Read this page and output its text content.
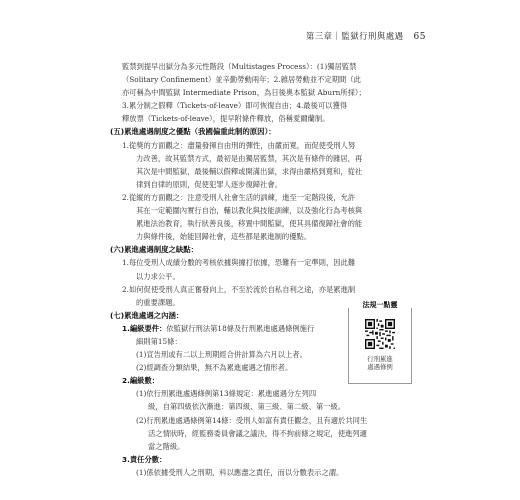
第三章｜監獄行刑與處遇 65

監禁到提早出獄分為多元性階段（Multistages Process）：(1)獨居監禁

（Solitary Confinement）並辛勤勞動兩年；2.雜居勞動並不定期間（此

亦可稱為中間監獄 Intermediate Prison，為日後奧本監獄 Aburn所採）；

3.累分制之假釋（Tickets-of-leave）即可恢復自由；4.最後可以獲得

釋放票（Tickets-of-leave），提早附條件釋放，俗稱愛爾蘭制。

(五)累進處遇制度之優點（我國偏重此制的原因）：

1.從獎的方面觀之：盡量發揮自由刑的彈性，由嚴而寬，而促使受刑人努

力改善，故其監禁方式，最初是由獨居監禁，其次是有條件的雜居，再

其次是中間監獄，最後輔以假釋或開滿出獄，求得由嚴格到寬和，從社

律到自律的原則，促使犯罪人逐步復歸社會。

2.從縱的方面觀之：注意受刑人社會生活的訓練，進至一定階段後，允許

其在一定範圍內實行自治，輔以教化與技能訓練，以及強化行為考核與

累進法治教育，執行狀善良後，移置中間監獄，使其具備復歸社會的能

力與條件後，始能回歸社會，這些都是累進制的優點。

(六)累進處遇制度之缺點：

1.每位受刑人成績分數的考核依據與據打依據，恐難有一定準則，因此難

以力求公平。

2.如何促使受刑人真正奮發向上，不至於流於自私自利之途，亦是累進制

的重要課題。

(七)累進處遇之內涵：

1.編級要件：依監獄行刑法第18條及行刑累進處遇條例施行

細則第15條：

(1)宣告刑或有二以上刑期經合併計算為六月以上者。

(2)經調查分類結果，無不為累進處遇之情形者。

2.編級數：

(1)依行刑累進處遇條例第13條規定：累進處遇分左列四

級，自第四級依次漸進：第四級、第三級、第二級、第一級。

(2)行刑累進處遇條例第14條：受刑人如富有責任觀念，且有適於共同生

活之情狀時，經監務委員會議之議決，得不拘前條之規定，使進列適

當之階級。

3.責任分數：

(1)係依據受刑人之刑期，科以應盡之責任，而以分數表示之謂。

法規一點靈
行刑累進
處遇條例
